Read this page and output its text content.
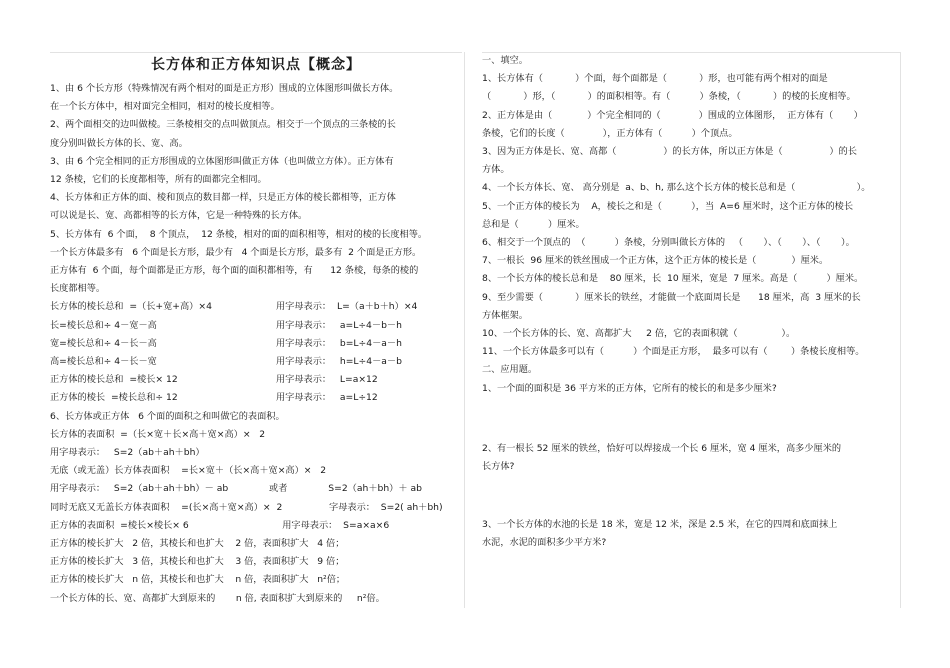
长方体和正方体知识点【概念】
1、由 6 个长方形（特殊情况有两个相对的面是正方形）围成的立体图形叫做长方体。
在一个长方体中，相对面完全相同，相对的棱长度相等。
2、两个面相交的边叫做棱。三条棱相交的点叫做顶点。相交于一个顶点的三条棱的长
度分别叫做长方体的长、宽、高。
3、由 6 个完全相同的正方形围成的立体图形叫做正方体（也叫做立方体）。正方体有
12 条棱，它们的长度都相等，所有的面都完全相同。
4、长方体和正方体的面、棱和顶点的数目都一样，只是正方体的棱长都相等，正方体
可以说是长、宽、高都相等的长方体，它是一种特殊的长方体。
5、长方体有  6 个面，  8 个顶点，  12 条棱，相对的面的面积相等，相对的棱的长度相等。
一个长方体最多有   6 个面是长方形，最少有   4 个面是长方形，最多有  2 个面是正方形。
正方体有  6 个面，每个面都是正方形，每个面的面积都相等，有      12 条棱，每条的棱的
长度都相等。
长方体的棱长总和  =（长+宽+高）×4	用字母表示：  L=（a＋b＋h）×4
长=棱长总和÷ 4－宽－高	用字母表示：   a=L÷4－b－h
宽=棱长总和÷ 4－长－高	用字母表示：   b=L÷4－a－h
高=棱长总和÷ 4－长－宽	用字母表示：   h=L÷4－a－b
正方体的棱长总和  =棱长× 12	用字母表示：   L=a×12
正方体的棱长  =棱长总和÷ 12	用字母表示：   a=L÷12
6、长方体或正方体   6 个面的面积之和叫做它的表面积。
长方体的表面积  =（长×宽＋长×高＋宽×高）×   2
用字母表示：   S=2（ab＋ah＋bh）
无底（或无盖）长方体表面积    =长×宽＋（长×高＋宽×高）×   2
用字母表示：   S=2（ab＋ah＋bh）－ ab              或者              S=2（ah＋bh）＋ ab
同时无底又无盖长方体表面积    =(长×高＋宽×高）×  2                字母表示：  S=2( ah＋bh)
正方体的表面积  =棱长×棱长× 6                                用字母表示：  S=a×a×6
正方体的棱长扩大   2 倍，其棱长和也扩大    2 倍，表面积扩大   4 倍；
正方体的棱长扩大   3 倍，其棱长和也扩大    3 倍，表面积扩大   9 倍；
正方体的棱长扩大   n 倍，其棱长和也扩大    n 倍，表面积扩大   n²倍；
一个长方体的长、宽、高都扩大到原来的       n 倍, 表面积扩大到原来的     n²倍。
一、填空。
1、长方体有（           ）个面，每个面都是（           ）形，也可能有两个相对的面是
（           ）形，（           ）的面积相等。有（          ）条棱，（           ）的棱的长度相等。
2、正方体是由（            ）个完全相同的（             ）围成的立体图形，  正方体有（       ）
条棱，它们的长度（             ），正方体有（          ）个顶点。
3、因为正方体是长、宽、高都（                ）的长方体，所以正方体是（                ）的长
方体。
4、一个长方体长、宽、 高分别是  a、b、h, 那么这个长方体的棱长总和是（                     ）。
5、一个正方体的棱长为    A，棱长之和是（          ），当  A=6 厘米时，这个正方体的棱长
总和是（          ）厘米。
6、相交于一个顶点的  （          ）条棱，分别叫做长方体的   （       ）、（       ）、（       ）。
7、一根长  96 厘米的铁丝围成一个正方体，这个正方体的棱长是（            ）厘米。
8、一个长方体的棱长总和是    80 厘米，长  10 厘米，宽是  7 厘米。高是（          ）厘米。
9、至少需要（           ）厘米长的铁丝，才能做一个底面周长是      18 厘米，高  3 厘米的长
方体框架。
10、一个长方体的长、宽、高都扩大     2 倍，它的表面积就（               ）。
11、一个长方体最多可以有（          ）个面是正方形，  最多可以有（        ）条棱长度相等。
二、应用题。
1、一个面的面积是 36 平方米的正方体，它所有的棱长的和是多少厘米?
2、有一根长 52 厘米的铁丝，恰好可以焊接成一个长 6 厘米，宽 4 厘米，高多少厘米的
长方体?
3、一个长方体的水池的长是 18 米，宽是 12 米，深是 2.5 米，在它的四周和底面抹上
水泥，水泥的面积多少平方米?
